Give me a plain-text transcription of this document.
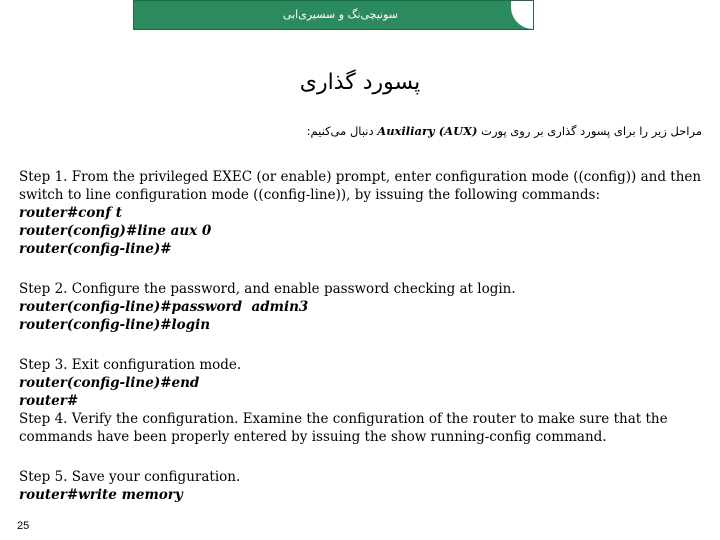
سونیچی‌نگ و سسیری‌ابی
پسورد گذاری
مراحل زیر را برای پسورد گذاری بر روی پورت Auxiliary (AUX) دنبال می‌کنیم:
Step 1. From the privileged EXEC (or enable) prompt, enter configuration mode ((config)) and then
switch to line configuration mode ((config-line)), by issuing the following commands:
router#conf t
router(config)#line aux 0
router(config-line)#
Step 2. Configure the password, and enable password checking at login.
router(config-line)#password  admin3
router(config-line)#login
Step 3. Exit configuration mode.
router(config-line)#end
router#
Step 4. Verify the configuration. Examine the configuration of the router to make sure that the
commands have been properly entered by issuing the show running-config command.
Step 5. Save your configuration.
router#write memory
25
